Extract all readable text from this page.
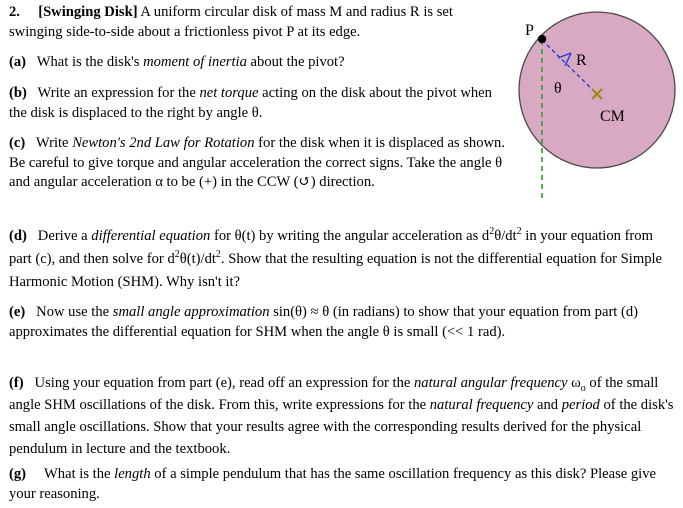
2. [Swinging Disk] A uniform circular disk of mass M and radius R is set swinging side-to-side about a frictionless pivot P at its edge.

(a) What is the disk's moment of inertia about the pivot?

(b) Write an expression for the net torque acting on the disk about the pivot when the disk is displaced to the right by angle θ.

(c) Write Newton's 2nd Law for Rotation for the disk when it is displaced as shown. Be careful to give torque and angular acceleration the correct signs. Take the angle θ and angular acceleration α to be (+) in the CCW (↺) direction.

(d) Derive a differential equation for θ(t) by writing the angular acceleration as $d^2\theta/dt^2$ in your equation from part (c), and then solve for $d^2\theta(t)/dt^2$. Show that the resulting equation is not the differential equation for Simple Harmonic Motion (SHM). Why isn't it?

(e) Now use the small angle approximation sin(θ) ≈ θ (in radians) to show that your equation from part (d) approximates the differential equation for SHM when the angle θ is small (<< 1 rad).

(f) Using your equation from part (e), read off an expression for the natural angular frequency $\omega_o$ of the small angle SHM oscillations of the disk. From this, write expressions for the natural frequency and period of the disk's small angle oscillations. Show that your results agree with the corresponding results derived for the physical pendulum in lecture and the textbook.

(g) What is the length of a simple pendulum that has the same oscillation frequency as this disk? Please give your reasoning.

P
R
θ
CM
